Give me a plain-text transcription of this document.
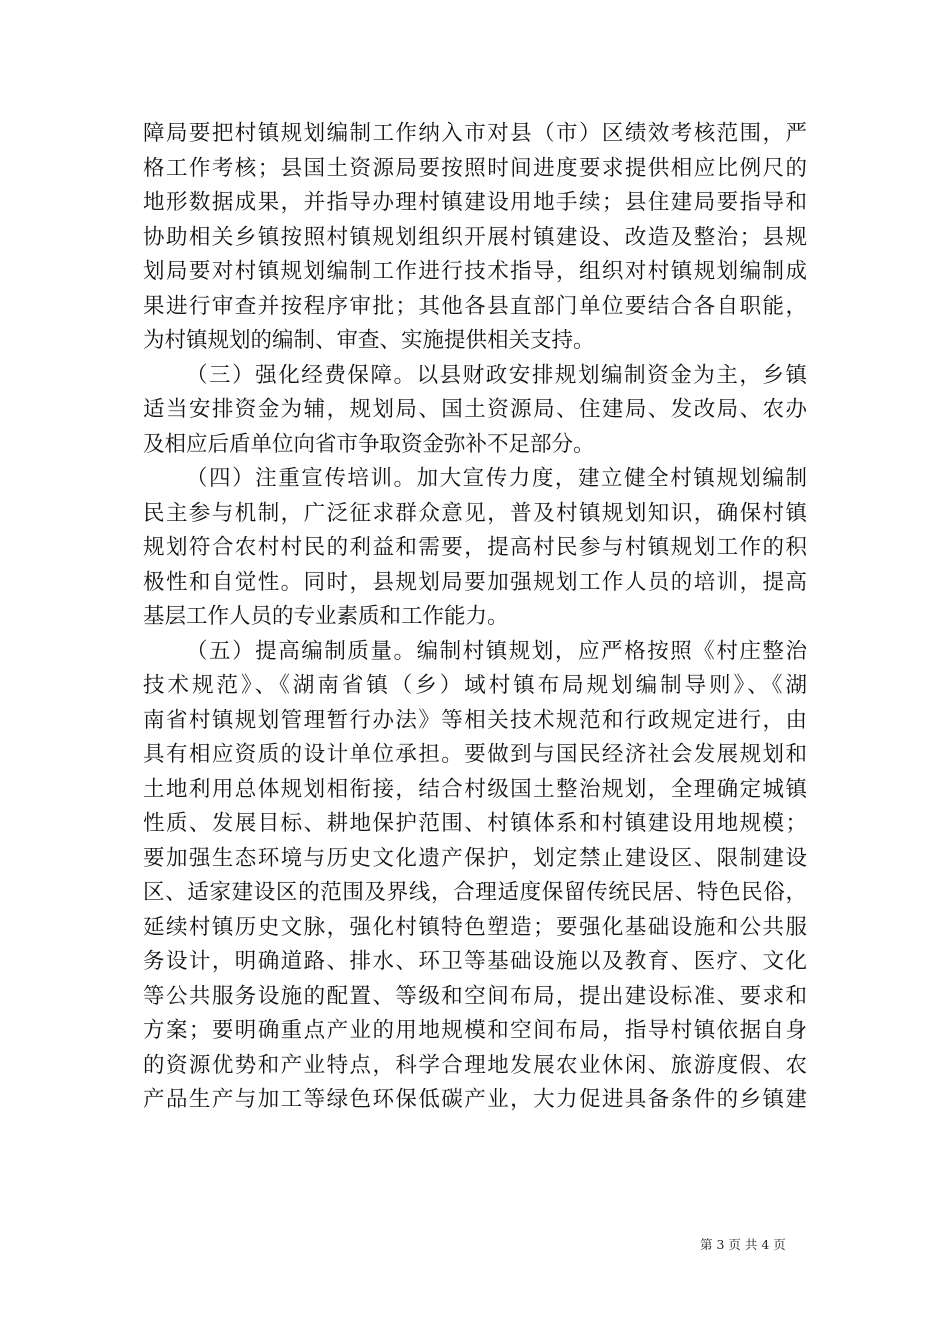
障局要把村镇规划编制工作纳入市对县（市）区绩效考核范围，严
格工作考核；县国土资源局要按照时间进度要求提供相应比例尺的
地形数据成果，并指导办理村镇建设用地手续；县住建局要指导和
协助相关乡镇按照村镇规划组织开展村镇建设、改造及整治；县规
划局要对村镇规划编制工作进行技术指导，组织对村镇规划编制成
果进行审查并按程序审批；其他各县直部门单位要结合各自职能，
为村镇规划的编制、审查、实施提供相关支持。
（三）强化经费保障。以县财政安排规划编制资金为主，乡镇
适当安排资金为辅，规划局、国土资源局、住建局、发改局、农办
及相应后盾单位向省市争取资金弥补不足部分。
（四）注重宣传培训。加大宣传力度，建立健全村镇规划编制
民主参与机制，广泛征求群众意见，普及村镇规划知识，确保村镇
规划符合农村村民的利益和需要，提高村民参与村镇规划工作的积
极性和自觉性。同时，县规划局要加强规划工作人员的培训，提高
基层工作人员的专业素质和工作能力。
（五）提高编制质量。编制村镇规划，应严格按照《村庄整治
技术规范》、《湖南省镇（乡）域村镇布局规划编制导则》、《湖
南省村镇规划管理暂行办法》等相关技术规范和行政规定进行，由
具有相应资质的设计单位承担。要做到与国民经济社会发展规划和
土地利用总体规划相衔接，结合村级国土整治规划，全理确定城镇
性质、发展目标、耕地保护范围、村镇体系和村镇建设用地规模；
要加强生态环境与历史文化遗产保护，划定禁止建设区、限制建设
区、适家建设区的范围及界线，合理适度保留传统民居、特色民俗，
延续村镇历史文脉，强化村镇特色塑造；要强化基础设施和公共服
务设计，明确道路、排水、环卫等基础设施以及教育、医疗、文化
等公共服务设施的配置、等级和空间布局，提出建设标准、要求和
方案；要明确重点产业的用地规模和空间布局，指导村镇依据自身
的资源优势和产业特点，科学合理地发展农业休闲、旅游度假、农
产品生产与加工等绿色环保低碳产业，大力促进具备条件的乡镇建
第 3 页 共 4 页
